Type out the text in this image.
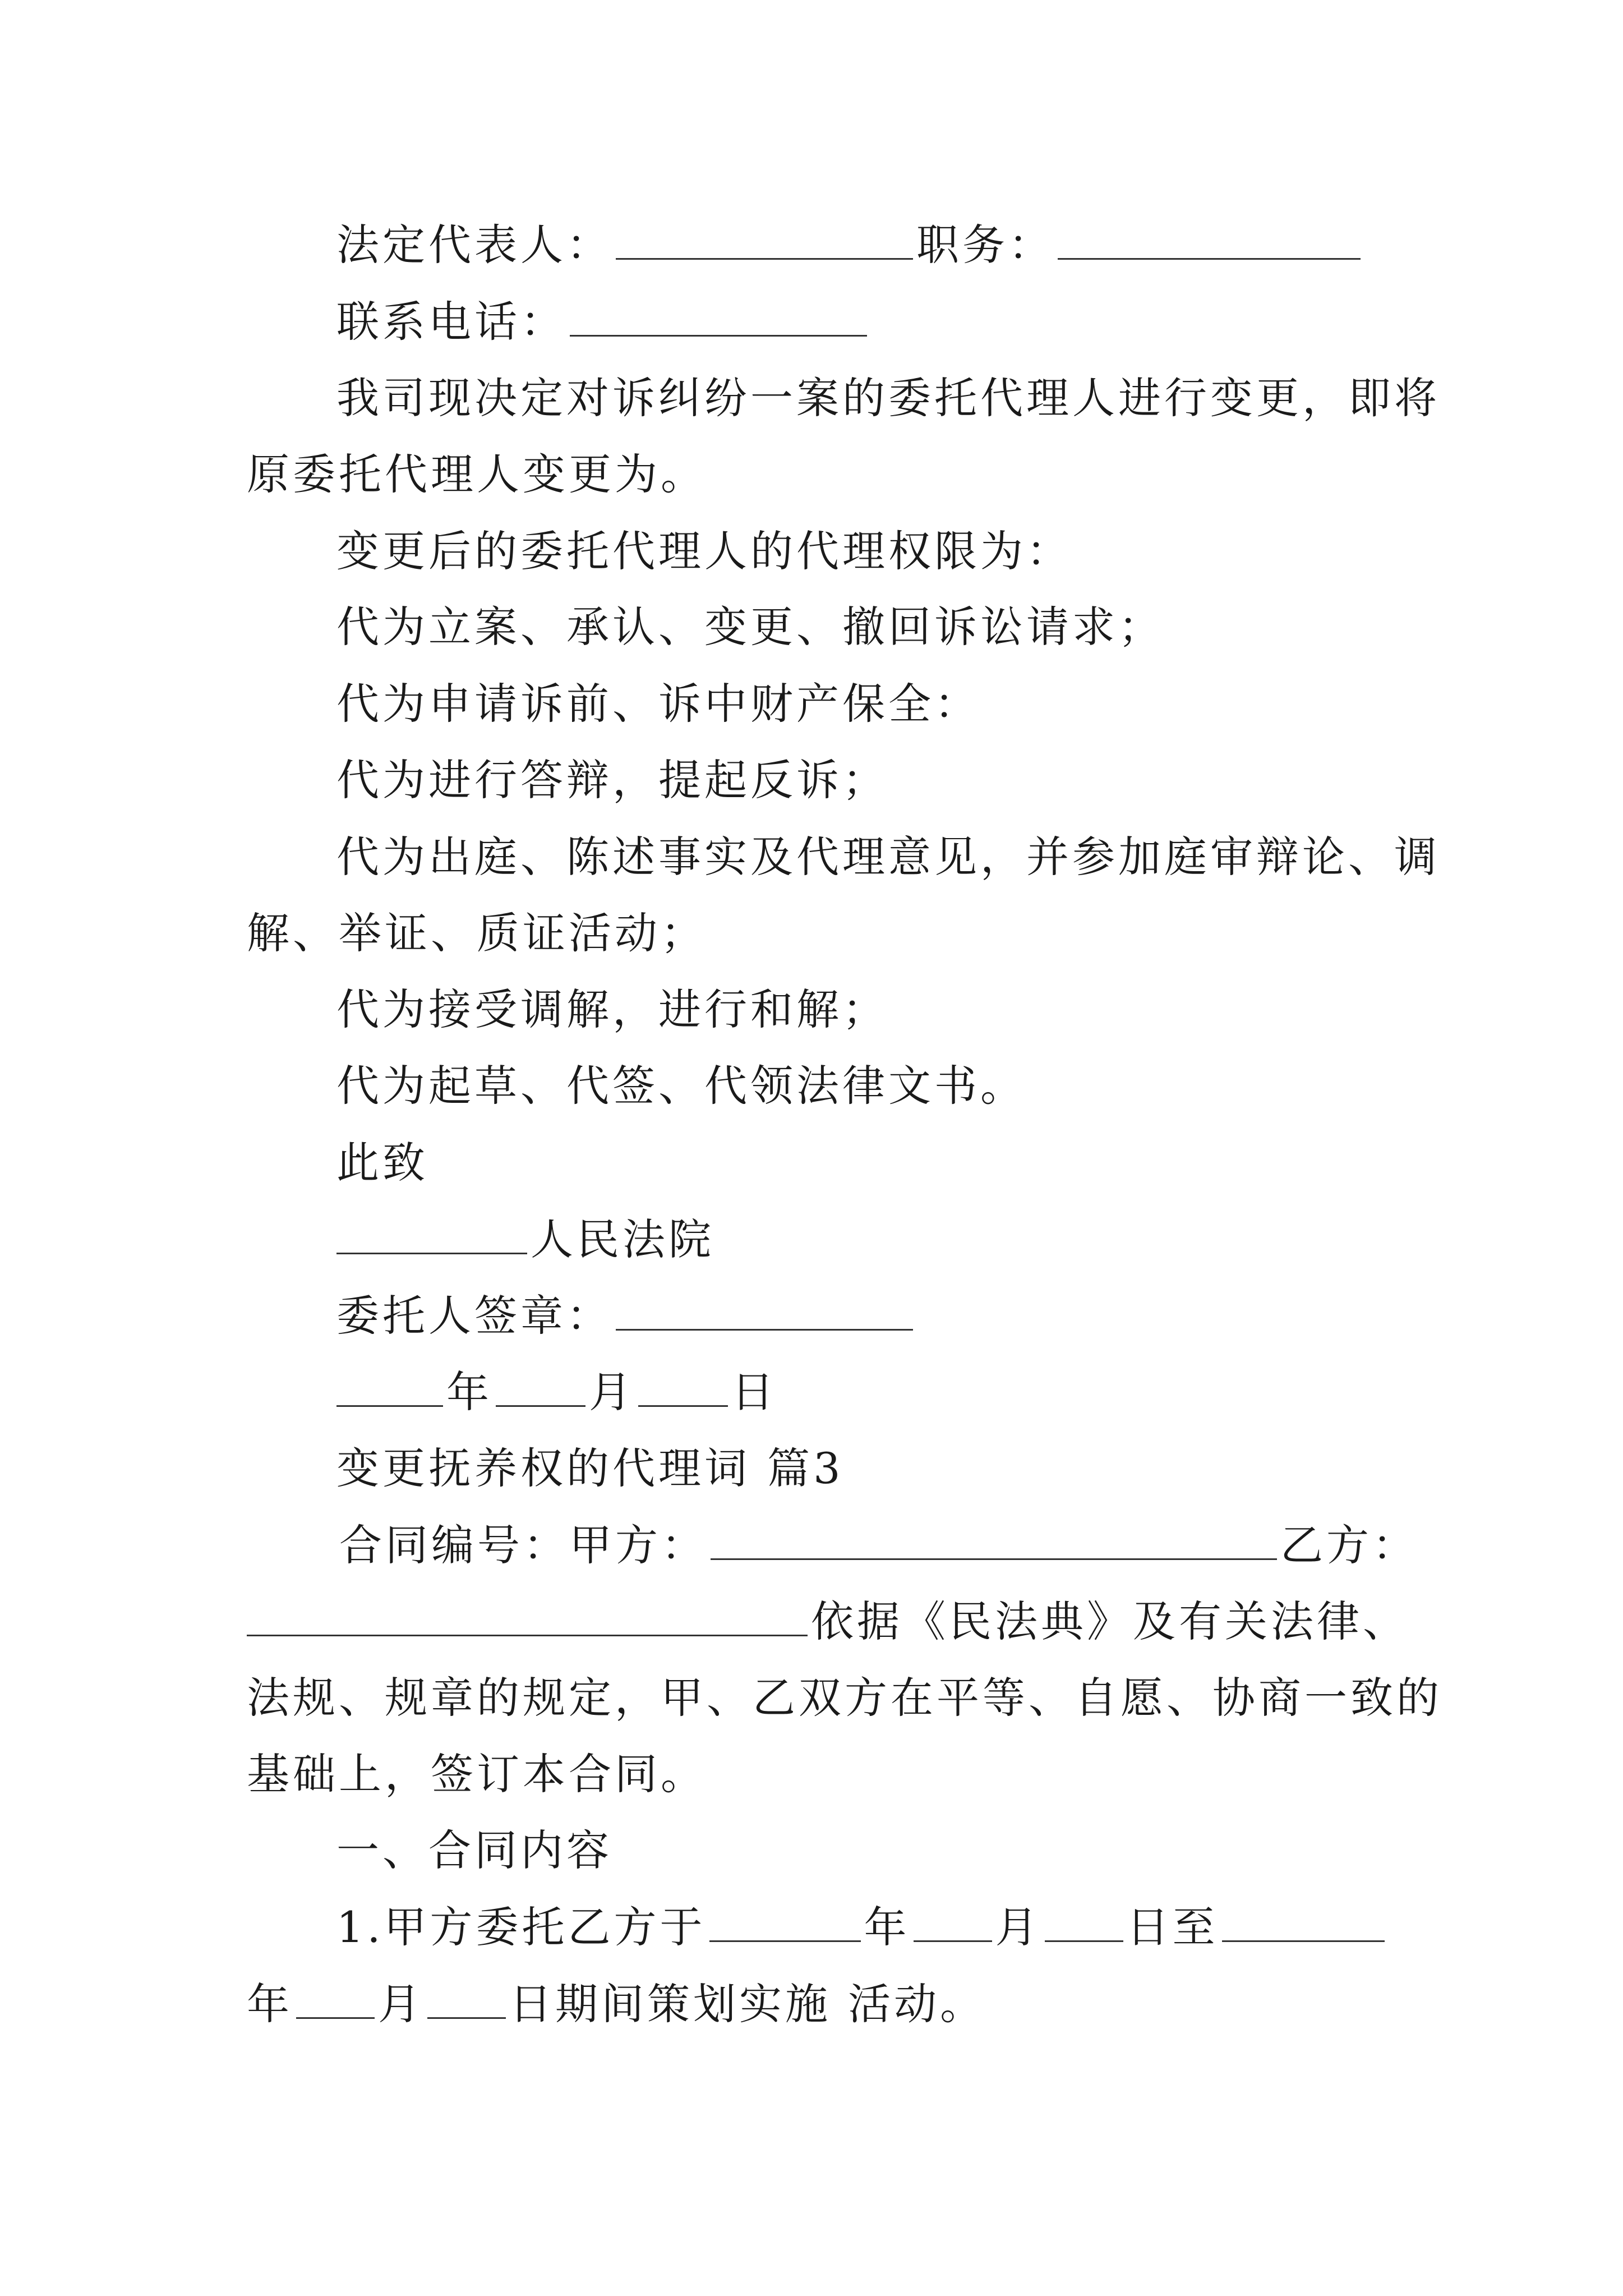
法定代表人：	职务：
联系电话：
我司现决定对诉纠纷一案的委托代理人进行变更，即将
原委托代理人变更为。
变更后的委托代理人的代理权限为：
代为立案、承认、变更、撤回诉讼请求；
代为申请诉前、诉中财产保全：
代为进行答辩，提起反诉；
代为出庭、陈述事实及代理意见，并参加庭审辩论、调
解、举证、质证活动；
代为接受调解，进行和解；
代为起草、代签、代领法律文书。
此致
人民法院
委托人签章：
年 月 日
变更抚养权的代理词 篇3
合同编号：甲方：	乙方：
依据《民法典》及有关法律、
法规、规章的规定，甲、乙双方在平等、自愿、协商一致的
基础上，签订本合同。
一、合同内容
1.甲方委托乙方于	年 月 日至
年 月 日期间策划实施 活动。
